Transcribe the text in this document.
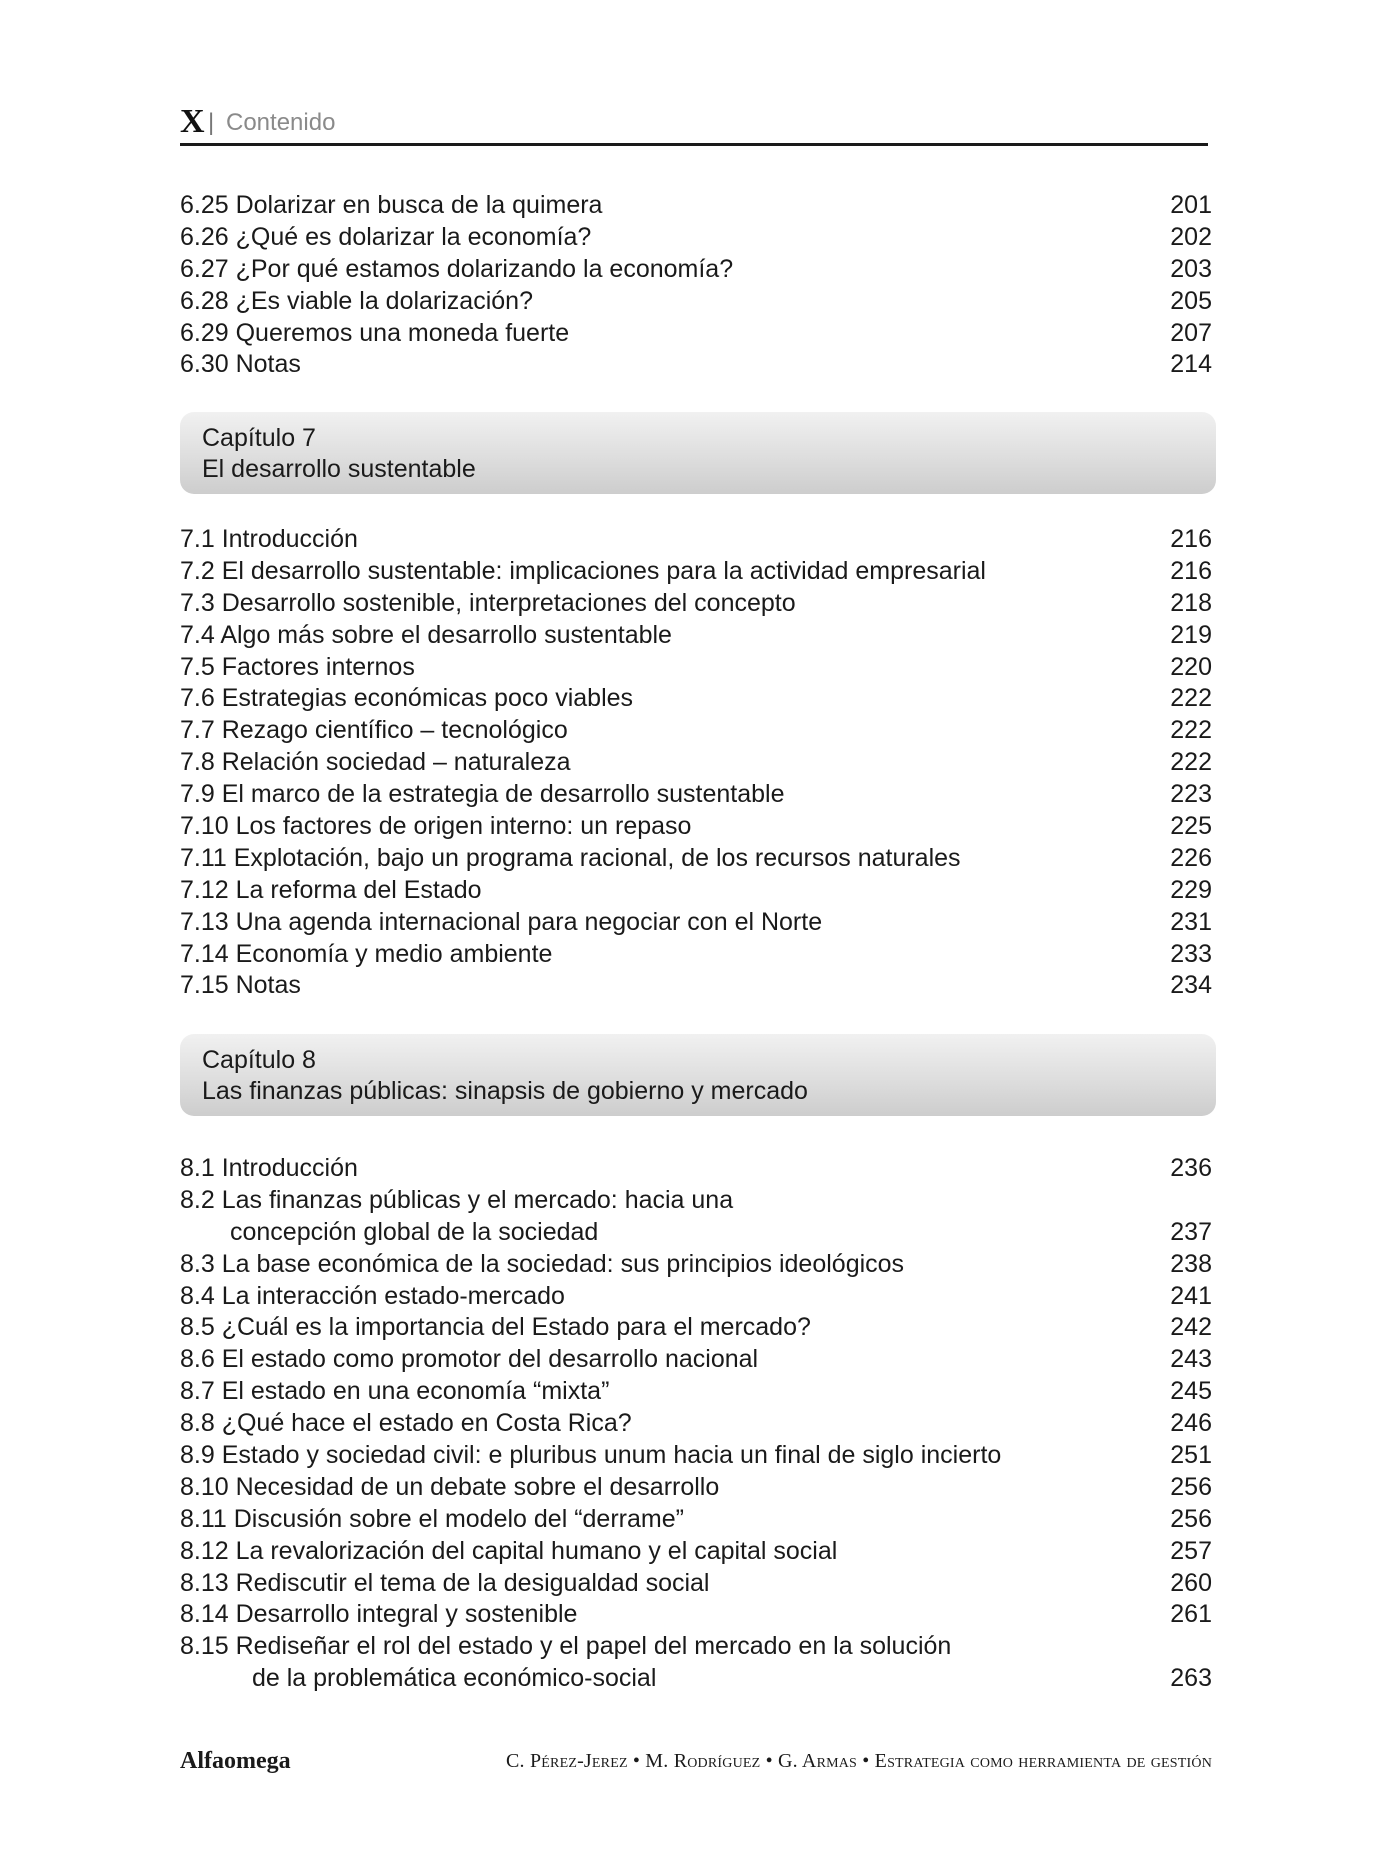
X | Contenido
6.25 Dolarizar en busca de la quimera	201
6.26 ¿Qué es dolarizar la economía?	202
6.27 ¿Por qué estamos dolarizando la economía?	203
6.28 ¿Es viable la dolarización?	205
6.29 Queremos una moneda fuerte	207
6.30 Notas	214
Capítulo 7
El desarrollo sustentable
7.1 Introducción	216
7.2 El desarrollo sustentable: implicaciones para la actividad empresarial	216
7.3 Desarrollo sostenible, interpretaciones del concepto	218
7.4 Algo más sobre el desarrollo sustentable	219
7.5 Factores internos	220
7.6 Estrategias económicas poco viables	222
7.7 Rezago científico – tecnológico	222
7.8 Relación sociedad – naturaleza	222
7.9 El marco de la estrategia de desarrollo sustentable	223
7.10 Los factores de origen interno: un repaso	225
7.11 Explotación, bajo un programa racional, de los recursos naturales	226
7.12 La reforma del Estado	229
7.13 Una agenda internacional para negociar con el Norte	231
7.14 Economía y medio ambiente	233
7.15 Notas	234
Capítulo 8
Las finanzas públicas: sinapsis de gobierno y mercado
8.1 Introducción	236
8.2 Las finanzas públicas y el mercado: hacia una
concepción global de la sociedad	237
8.3 La base económica de la sociedad: sus principios ideológicos	238
8.4 La interacción estado-mercado	241
8.5 ¿Cuál es la importancia del Estado para el mercado?	242
8.6 El estado como promotor del desarrollo nacional	243
8.7 El estado en una economía “mixta”	245
8.8 ¿Qué hace el estado en Costa Rica?	246
8.9 Estado y sociedad civil: e pluribus unum hacia un final de siglo incierto	251
8.10 Necesidad de un debate sobre el desarrollo	256
8.11 Discusión sobre el modelo del “derrame”	256
8.12 La revalorización del capital humano y el capital social	257
8.13 Rediscutir el tema de la desigualdad social	260
8.14 Desarrollo integral y sostenible	261
8.15 Rediseñar el rol del estado y el papel del mercado en la solución
de la problemática económico-social	263
Alfaomega	C. Pérez-Jerez • M. Rodríguez • G. Armas • Estrategia como herramienta de gestión
